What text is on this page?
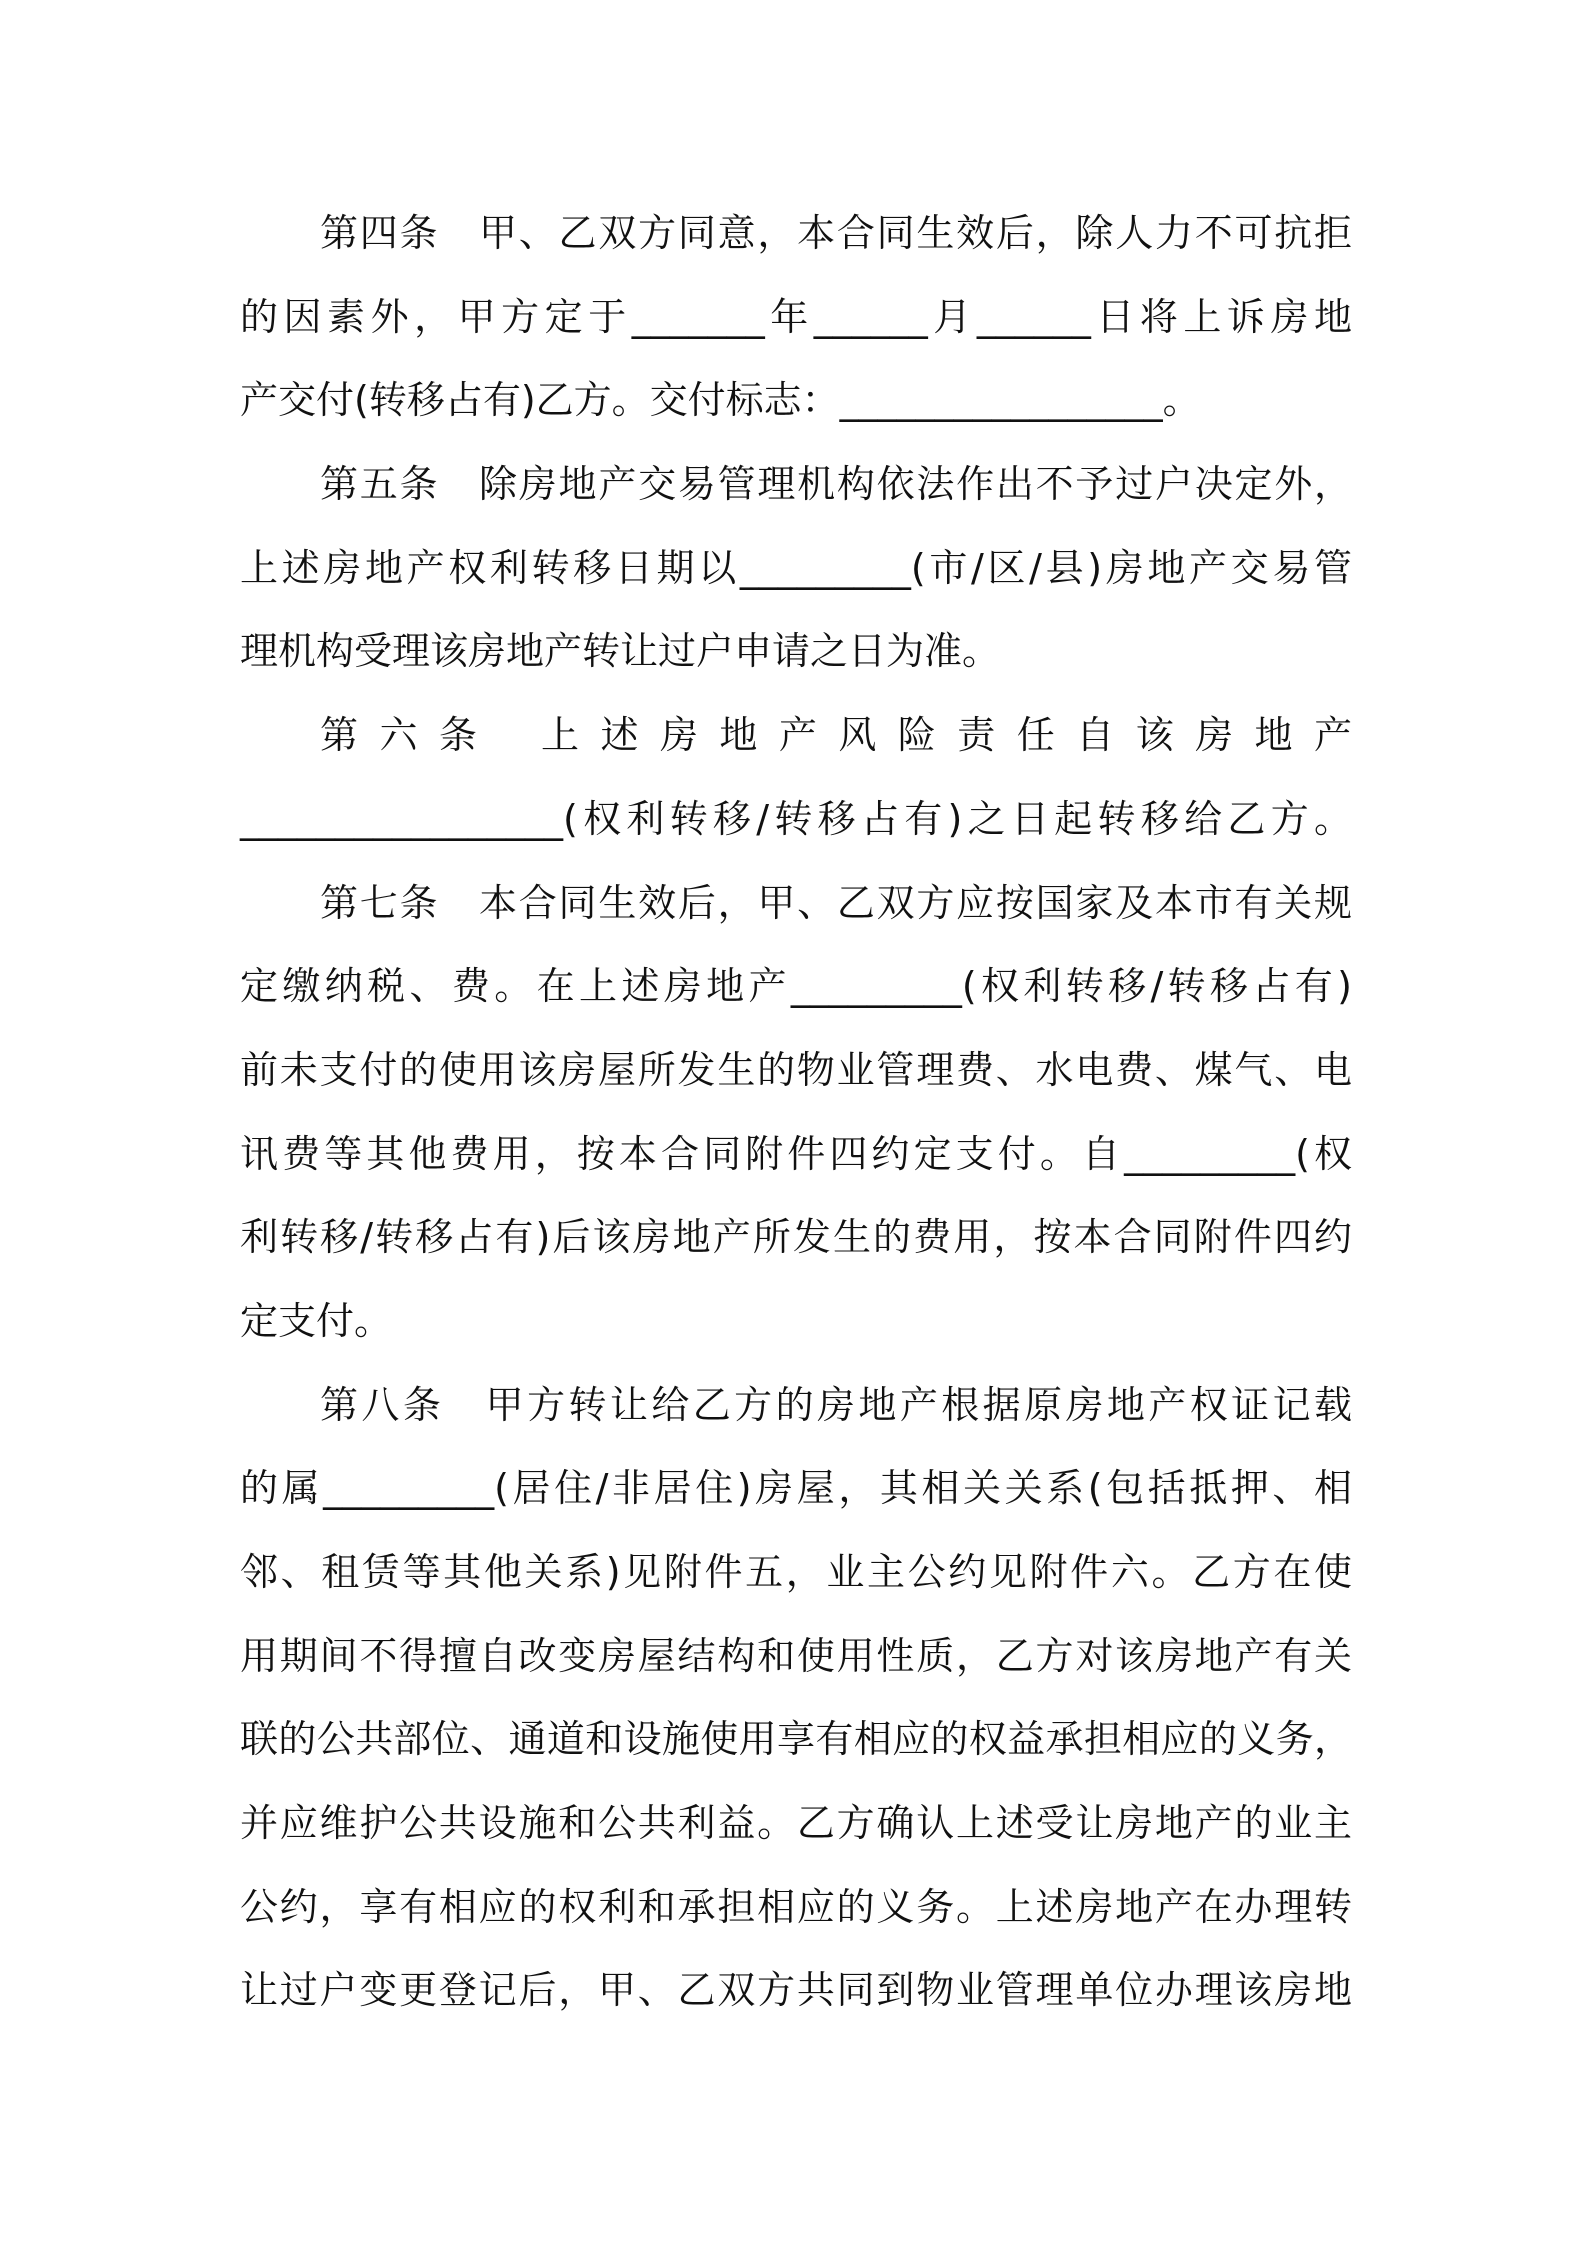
第四条　甲、乙双方同意，本合同生效后，除人力不可抗拒
的因素外，甲方定于_______年______月______日将上诉房地
产交付(转移占有)乙方。交付标志：_________________。
第五条　除房地产交易管理机构依法作出不予过户决定外，
上述房地产权利转移日期以_________(市/区/县)房地产交易管
理机构受理该房地产转让过户申请之日为准。
第 六 条　 上 述 房 地 产 风 险 责 任 自 该 房 地 产
_________________(权利转移/转移占有)之日起转移给乙方。
第七条　本合同生效后，甲、乙双方应按国家及本市有关规
定缴纳税、费。在上述房地产_________(权利转移/转移占有)
前未支付的使用该房屋所发生的物业管理费、水电费、煤气、电
讯费等其他费用，按本合同附件四约定支付。自_________(权
利转移/转移占有)后该房地产所发生的费用，按本合同附件四约
定支付。
第八条　甲方转让给乙方的房地产根据原房地产权证记载
的属_________(居住/非居住)房屋，其相关关系(包括抵押、相
邻、租赁等其他关系)见附件五，业主公约见附件六。乙方在使
用期间不得擅自改变房屋结构和使用性质，乙方对该房地产有关
联的公共部位、通道和设施使用享有相应的权益承担相应的义务，
并应维护公共设施和公共利益。乙方确认上述受让房地产的业主
公约，享有相应的权利和承担相应的义务。上述房地产在办理转
让过户变更登记后，甲、乙双方共同到物业管理单位办理该房地
